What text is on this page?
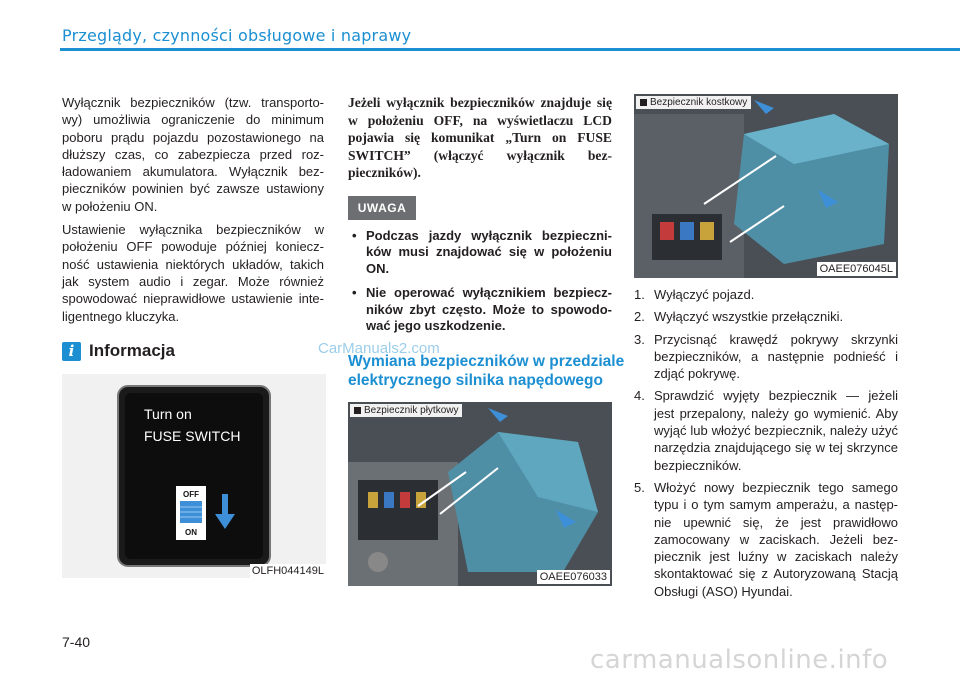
Przeglądy, czynności obsługowe i naprawy

Wyłącznik bezpieczników (tzw. transporto-wy) umożliwia ograniczenie do minimum poboru prądu pojazdu pozostawionego na dłuższy czas, co zabezpiecza przed roz-ładowaniem akumulatora. Wyłącznik bez-pieczników powinien być zawsze ustawiony w położeniu ON.

Ustawienie wyłącznika bezpieczników w położeniu OFF powoduje później koniecz-ność ustawienia niektórych układów, takich jak system audio i zegar. Może również spowodować nieprawidłowe ustawienie inte-ligentnego kluczyka.

i Informacja
Turn on
FUSE SWITCH
OFF
ON
OLFH044149L

Jeżeli wyłącznik bezpieczników znajduje się w położeniu OFF, na wyświetlaczu LCD pojawia się komunikat „Turn on FUSE SWITCH” (włączyć wyłącznik bez-pieczników).

UWAGA
• Podczas jazdy wyłącznik bezpieczni-ków musi znajdować się w położeniu ON.
• Nie operować wyłącznikiem bezpiecz-ników zbyt często. Może to spowodo-wać jego uszkodzenie.
Wymiana bezpieczników w przedziale elektrycznego silnika napędowego
CarManuals2.com
Bezpiecznik płytkowy
OAEE076033
Bezpiecznik kostkowy
OAEE076045L
1. Wyłączyć pojazd.
2. Wyłączyć wszystkie przełączniki.
3. Przycisnąć krawędź pokrywy skrzynki bezpieczników, a następnie podnieść i zdjąć pokrywę.
4. Sprawdzić wyjęty bezpiecznik — jeżeli jest przepalony, należy go wymienić. Aby wyjąć lub włożyć bezpiecznik, należy użyć narzędzia znajdującego się w tej skrzynce bezpieczników.
5. Włożyć nowy bezpiecznik tego samego typu i o tym samym amperażu, a następ-nie upewnić się, że jest prawidłowo zamocowany w zaciskach. Jeżeli bez-piecznik jest luźny w zaciskach należy skontaktować się z Autoryzowaną Stacją Obsługi (ASO) Hyundai.
7-40
carmanualsonline.info
